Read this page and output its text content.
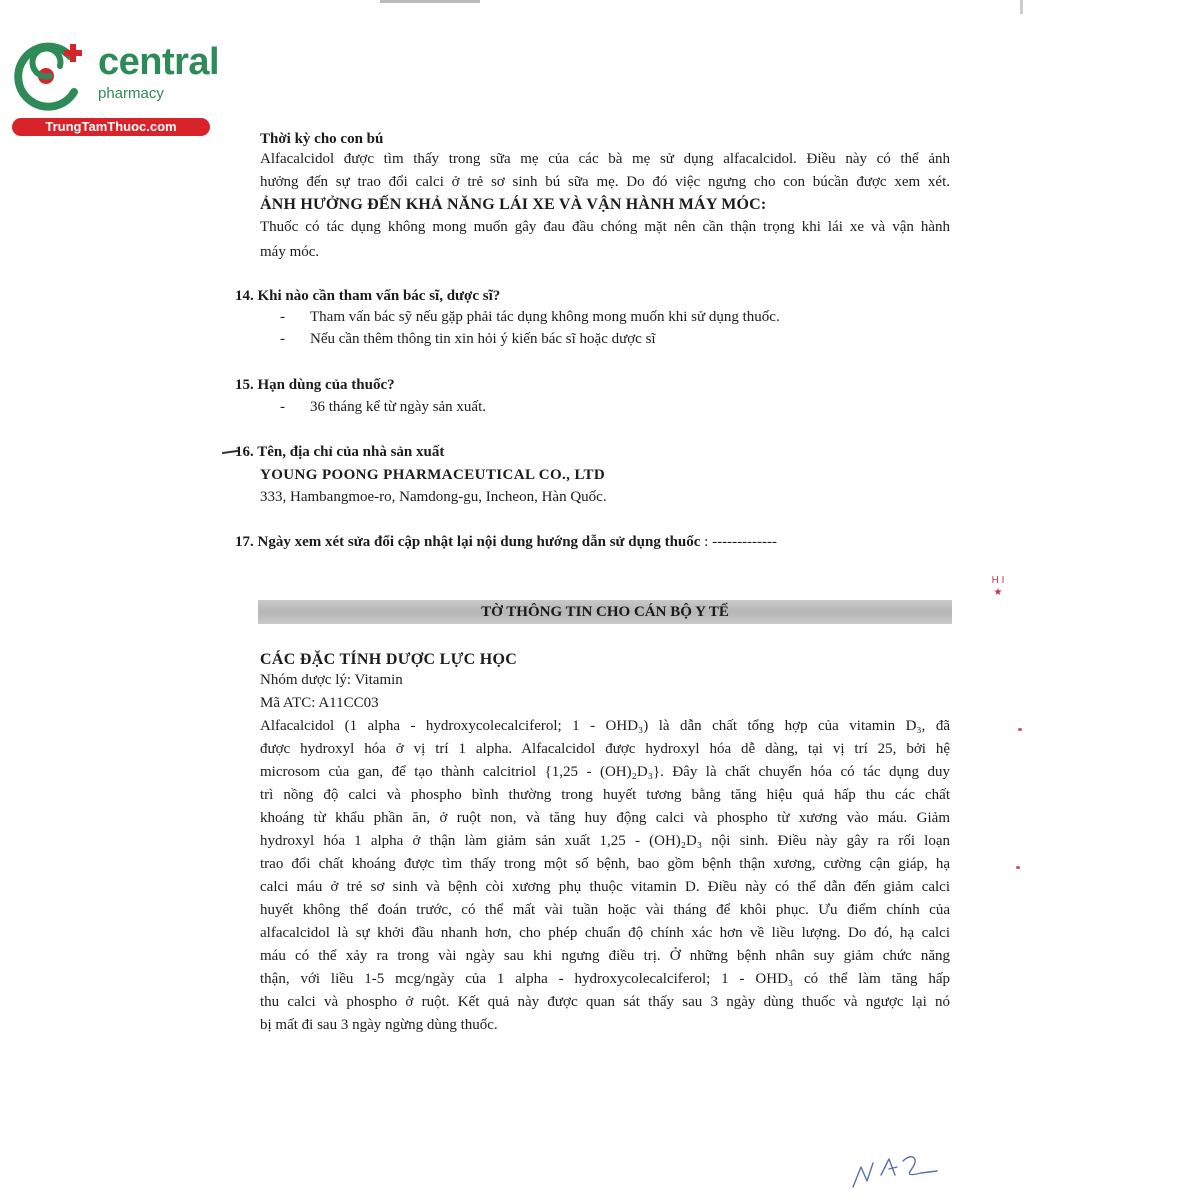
central
pharmacy
TrungTamThuoc.com

Thời kỳ cho con bú

Alfacalcidol được tìm thấy trong sữa mẹ của các bà mẹ sử dụng alfacalcidol. Điều này có thể ảnh

hưởng đến sự trao đổi calci ở trẻ sơ sinh bú sữa mẹ. Do đó việc ngưng cho con búcần được xem xét.

ẢNH HƯỞNG ĐẾN KHẢ NĂNG LÁI XE VÀ VẬN HÀNH MÁY MÓC:

Thuốc có tác dụng không mong muốn gây đau đầu chóng mặt nên cần thận trọng khi lái xe và vận hành

máy móc.

14. Khi nào cần tham vấn bác sĩ, dược sĩ?

- Tham vấn bác sỹ nếu gặp phải tác dụng không mong muốn khi sử dụng thuốc.

- Nếu cần thêm thông tin xin hỏi ý kiến bác sĩ hoặc dược sĩ

15. Hạn dùng của thuốc?

- 36 tháng kể từ ngày sản xuất.

16. Tên, địa chỉ của nhà sản xuất

YOUNG POONG PHARMACEUTICAL CO., LTD

333, Hambangmoe-ro, Namdong-gu, Incheon, Hàn Quốc.

17. Ngày xem xét sửa đổi cập nhật lại nội dung hướng dẫn sử dụng thuốc : -------------

TỜ THÔNG TIN CHO CÁN BỘ Y TẾ
H I ★

CÁC ĐẶC TÍNH DƯỢC LỰC HỌC

Nhóm dược lý: Vitamin

Mã ATC: A11CC03

Alfacalcidol (1 alpha - hydroxycolecalciferol; 1 - OHD₃) là dẫn chất tổng hợp của vitamin D₃, đã

được hydroxyl hóa ở vị trí 1 alpha. Alfacalcidol được hydroxyl hóa dễ dàng, tại vị trí 25, bởi hệ

microsom của gan, để tạo thành calcitriol {1,25 - (OH)₂D₃}. Đây là chất chuyển hóa có tác dụng duy

trì nồng độ calci và phospho bình thường trong huyết tương bằng tăng hiệu quả hấp thu các chất

khoáng từ khẩu phần ăn, ở ruột non, và tăng huy động calci và phospho từ xương vào máu. Giảm

hydroxyl hóa 1 alpha ở thận làm giảm sản xuất 1,25 - (OH)₂D₃ nội sinh. Điều này gây ra rối loạn

trao đổi chất khoáng được tìm thấy trong một số bệnh, bao gồm bệnh thận xương, cường cận giáp, hạ

calci máu ở trẻ sơ sinh và bệnh còi xương phụ thuộc vitamin D. Điều này có thể dẫn đến giảm calci

huyết không thể đoán trước, có thể mất vài tuần hoặc vài tháng để khôi phục. Ưu điểm chính của

alfacalcidol là sự khởi đầu nhanh hơn, cho phép chuẩn độ chính xác hơn về liều lượng. Do đó, hạ calci

máu có thể xảy ra trong vài ngày sau khi ngưng điều trị. Ở những bệnh nhân suy giảm chức năng

thận, với liều 1-5 mcg/ngày của 1 alpha - hydroxycolecalciferol; 1 - OHD₃ có thể làm tăng hấp

thu calci và phospho ở ruột. Kết quả này được quan sát thấy sau 3 ngày dùng thuốc và ngược lại nó

bị mất đi sau 3 ngày ngừng dùng thuốc.
